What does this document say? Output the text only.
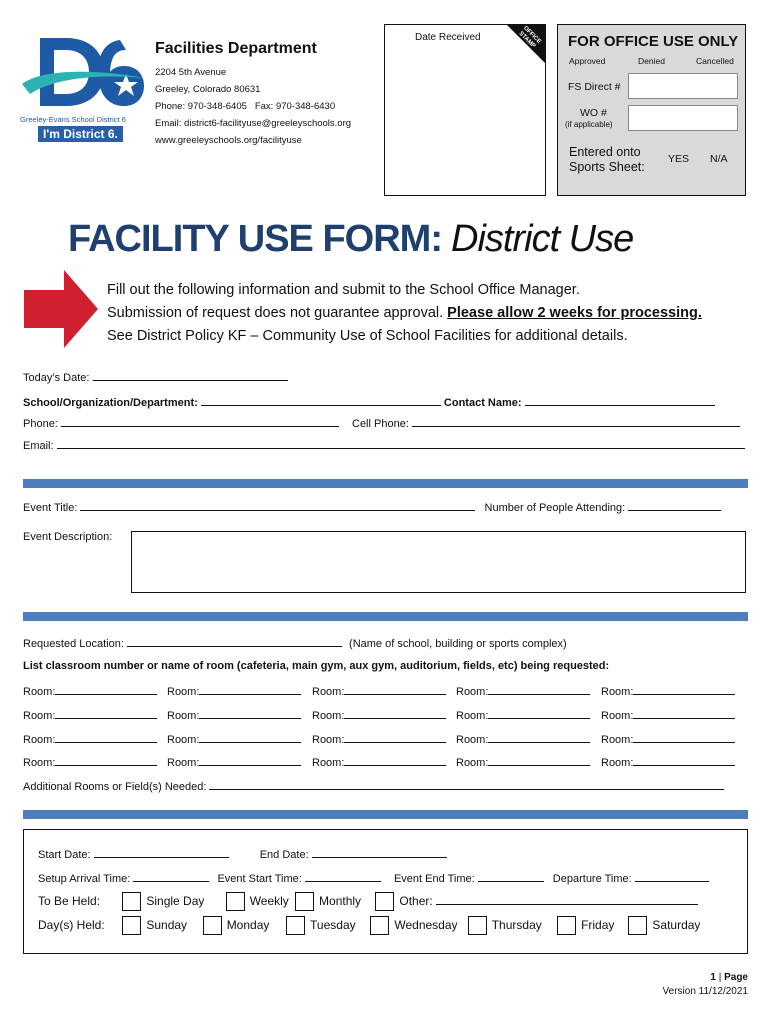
Greeley-Evans School District 6
I'm District 6.
Facilities Department
2204 5th Avenue
Greeley, Colorado 80631
Phone: 970-348-6405   Fax: 970-348-6430
Email: district6-facilityuse@greeleyschools.org
www.greeleyschools.org/facilityuse
Date Received	OFFICE STAMP	FOR OFFICE USE ONLY
Approved	Denied	Cancelled
FS Direct #
WO #
(if applicable)
Entered onto
Sports Sheet:
YES N/A
FACILITY USE FORM: District Use
Fill out the following information and submit to the School Office Manager.
Submission of request does not guarantee approval. Please allow 2 weeks for processing.
See District Policy KF – Community Use of School Facilities for additional details.
Today’s Date:
School/Organization/Department:	Contact Name:
Phone:	Cell Phone:
Email:
Event Title:	Number of People Attending:
Event Description:
Requested Location:	(Name of school, building or sports complex)
List classroom number or name of room (cafeteria, main gym, aux gym, auditorium, fields, etc) being requested:
Room:	Room:	Room:	Room:	Room:
Room:	Room:	Room:	Room:	Room:
Room:	Room:	Room:	Room:	Room:
Room:	Room:	Room:	Room:	Room:
Additional Rooms or Field(s) Needed:
Start Date:	End Date:
Setup Arrival Time:	Event Start Time:	Event End Time:	Departure Time:
To Be Held:	Single Day	Weekly	Monthly	Other:
Day(s) Held:	Sunday	Monday	Tuesday	Wednesday	Thursday	Friday	Saturday
1 | Page
Version 11/12/2021
